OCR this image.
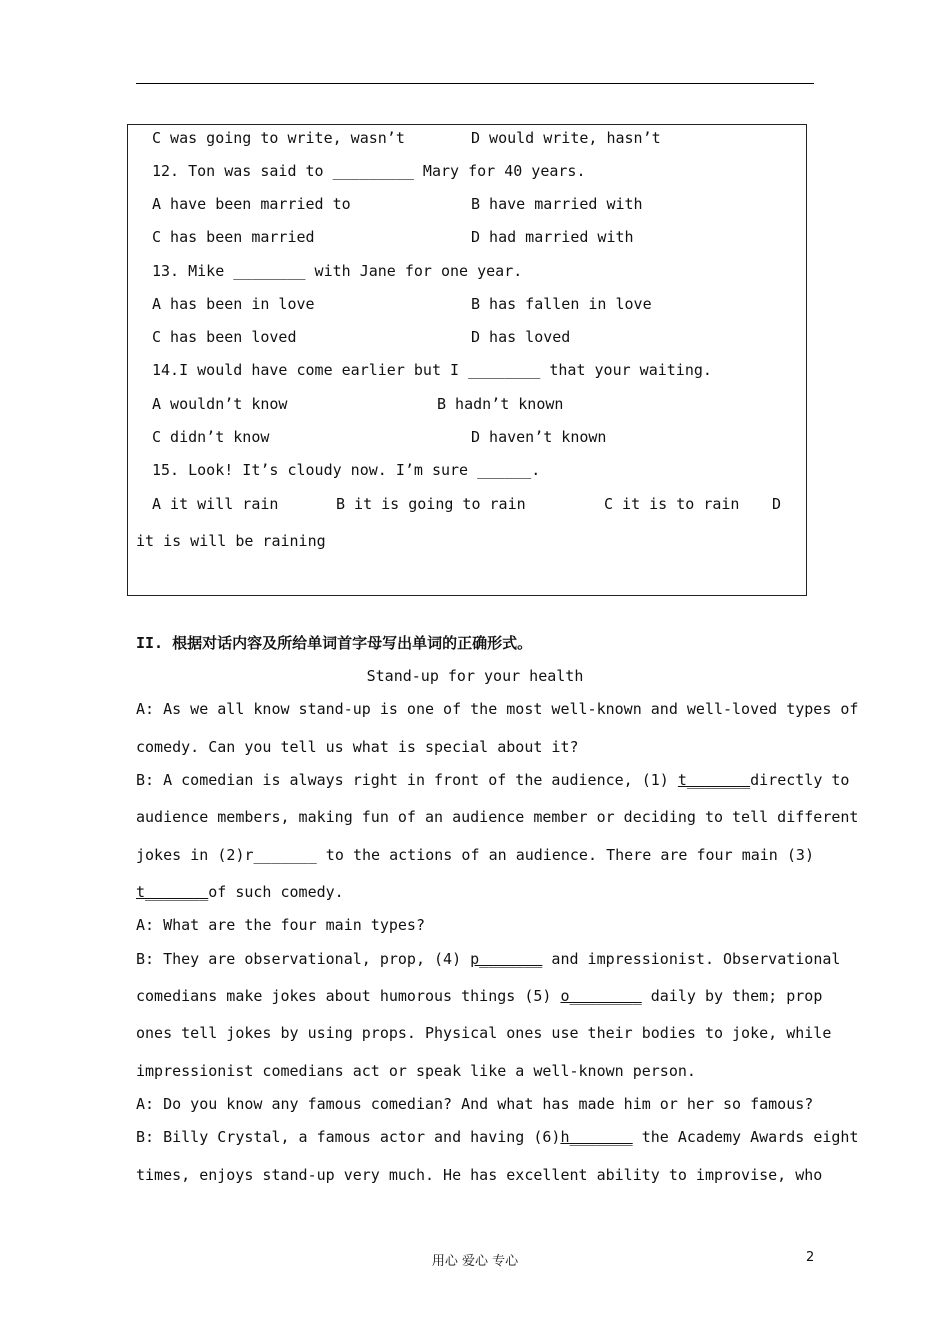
C was going to write, wasn’t	D would write, hasn’t
12. Ton was said to _________ Mary for 40 years.
A have been married to	B have married with
C has been married	D had married with
13. Mike ________ with Jane for one year.
A has been in love	B has fallen in love
C has been loved	D has loved
14.I would have come earlier but I ________ that your waiting.
A wouldn’t know	B hadn’t known
C didn’t know	D haven’t known
15. Look! It’s cloudy now. I’m sure ______.
A it will rain	B it is going to rain	C it is to rain D
it is will be raining
II. 根据对话内容及所给单词首字母写出单词的正确形式。
Stand-up for your health
A: As we all know stand-up is one of the most well-known and well-loved types of
comedy. Can you tell us what is special about it?
B: A comedian is always right in front of the audience, (1) t_______directly to
audience members, making fun of an audience member or deciding to tell different
jokes in (2)r_______ to the actions of an audience. There are four main (3)
t_______of such comedy.
A: What are the four main types?
B: They are observational, prop, (4) p_______ and impressionist. Observational
comedians make jokes about humorous things (5) o________ daily by them; prop
ones tell jokes by using props. Physical ones use their bodies to joke, while
impressionist comedians act or speak like a well-known person.
A: Do you know any famous comedian? And what has made him or her so famous?
B: Billy Crystal, a famous actor and having (6)h_______ the Academy Awards eight
times, enjoys stand-up very much. He has excellent ability to improvise, who
用心 爱心 专心	2
